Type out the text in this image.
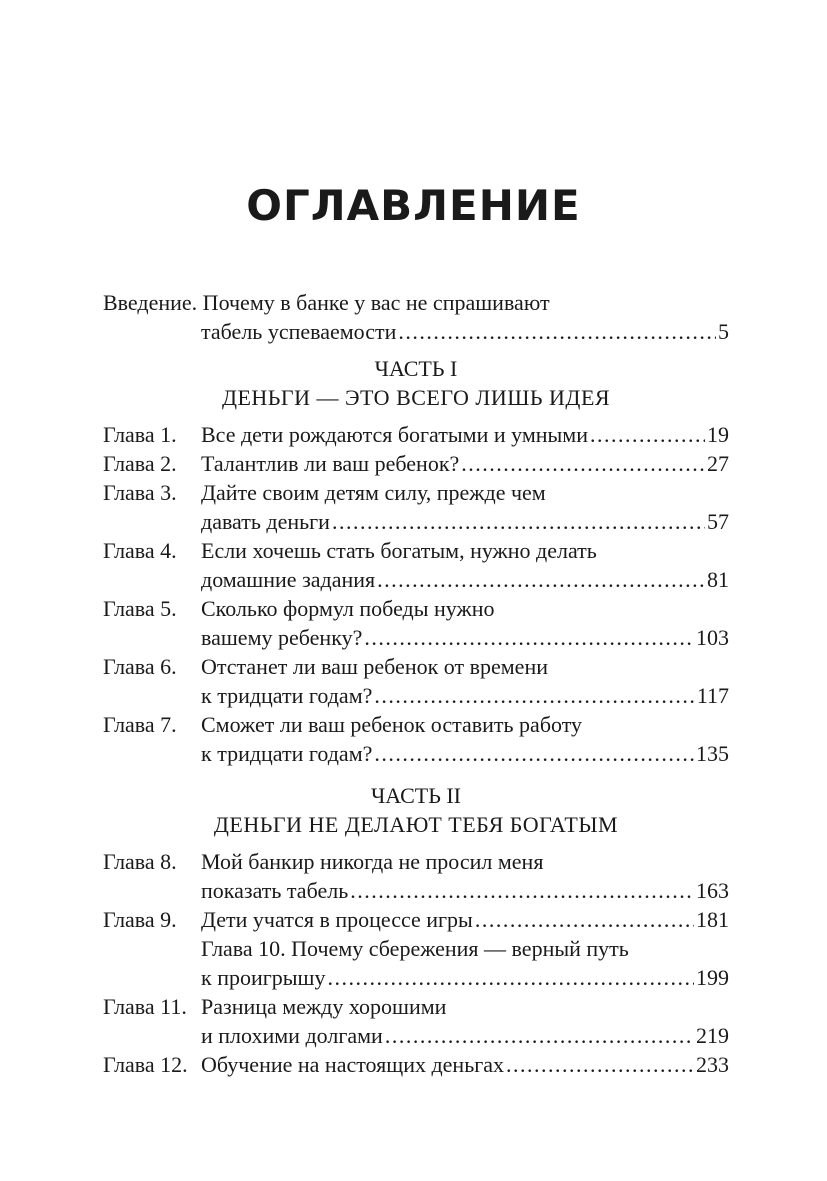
ОГЛАВЛЕНИЕ
Введение. Почему в банке у вас не спрашивают
табель успеваемости . . .	5
ЧАСТЬ I
ДЕНЬГИ — ЭТО ВСЕГО ЛИШЬ ИДЕЯ
Глава 1.	Все дети рождаются богатыми и умными . . .	19
Глава 2.	Талантлив ли ваш ребенок? . . .	27
Глава 3.	Дайте своим детям силу, прежде чем
давать деньги . . .	57
Глава 4.	Если хочешь стать богатым, нужно делать
домашние задания . . .	81
Глава 5.	Сколько формул победы нужно
вашему ребенку? . . .	103
Глава 6.	Отстанет ли ваш ребенок от времени
к тридцати годам? . . .	117
Глава 7.	Сможет ли ваш ребенок оставить работу
к тридцати годам? . . .	135
ЧАСТЬ II
ДЕНЬГИ НЕ ДЕЛАЮТ ТЕБЯ БОГАТЫМ
Глава 8.	Мой банкир никогда не просил меня
показать табель . . .	163
Глава 9.	Дети учатся в процессе игры . . .	181
Глава 10. Почему сбережения — верный путь
к проигрышу . . .	199
Глава 11. Разница между хорошими
и плохими долгами . . .	219
Глава 12. Обучение на настоящих деньгах . . .	233
